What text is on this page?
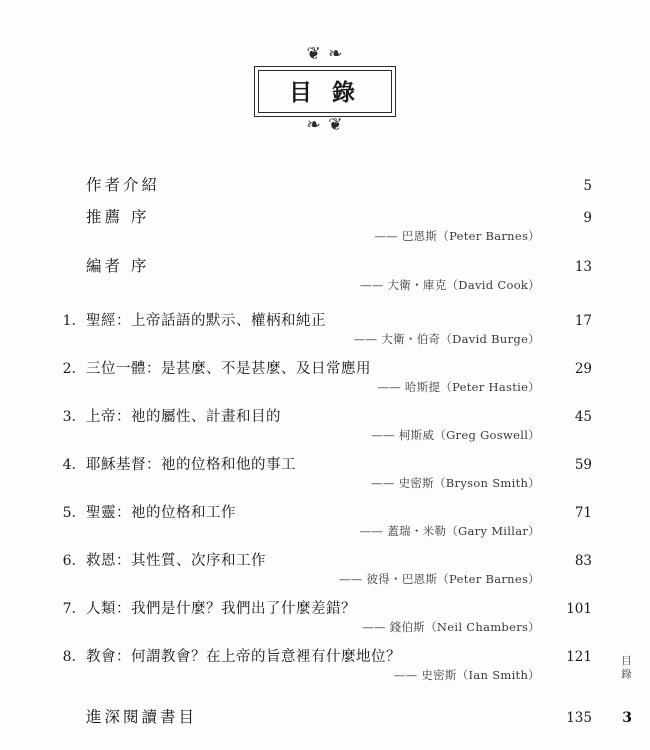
❦ ❧
目 錄
❧ ❦
作者介紹	5
推薦 序	9
—— 巴恩斯（Peter Barnes）
編者 序	13
—— 大衛・庫克（David Cook）
1. 聖經：上帝話語的默示、權柄和純正	17
—— 大衛・伯奇（David Burge）
2. 三位一體：是甚麼、不是甚麼、及日常應用	29
—— 哈斯提（Peter Hastie）
3. 上帝：祂的屬性、計畫和目的	45
—— 柯斯威（Greg Goswell）
4. 耶穌基督：祂的位格和他的事工	59
—— 史密斯（Bryson Smith）
5. 聖靈：祂的位格和工作	71
—— 蓋瑞・米勒（Gary Millar）
6. 救恩：其性質、次序和工作	83
—— 彼得・巴恩斯（Peter Barnes）
7. 人類：我們是什麼？我們出了什麼差錯？	101
—— 錢伯斯（Neil Chambers）
8. 教會：何謂教會？在上帝的旨意裡有什麼地位？	121
—— 史密斯（Ian Smith）
進深閱讀書目	135
目錄
3
